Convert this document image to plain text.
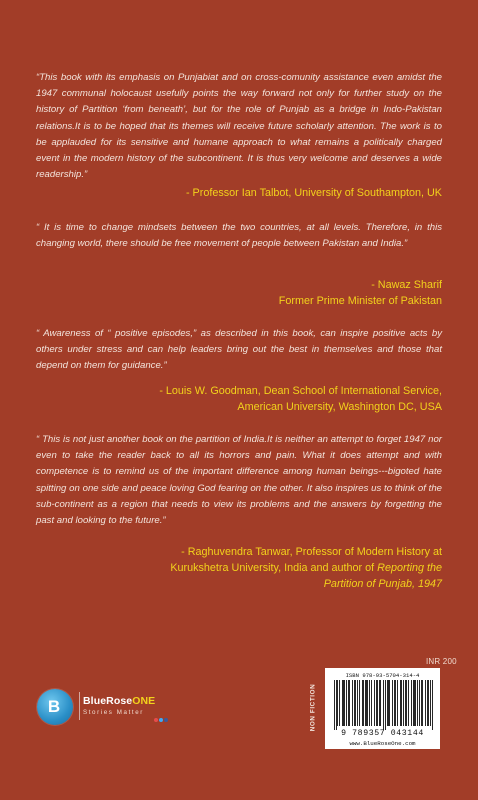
“This book with its emphasis on Punjabiat and on cross-comunity assistance even amidst the 1947 communal holocaust usefully points the way forward not only for further study on the history of Partition ‘from beneath’, but for the role of Punjab as a bridge in Indo-Pakistan relations.It is to be hoped that its themes will receive future scholarly attention. The work is to be applauded for its sensitive and humane approach to what remains a politically charged event in the modern history of the subcontinent. It is thus very welcome and deserves a wide readership.”

- Professor Ian Talbot, University of Southampton, UK

“ It is time to change mindsets between the two countries, at all levels. Therefore, in this changing world, there should be free movement of people between Pakistan and India.”

- Nawaz Sharif

Former Prime Minister of Pakistan

“ Awareness of “ positive episodes,” as described in this book, can inspire positive acts by others under stress and can help leaders bring out the best in themselves and those that depend on them for guidance.”

- Louis W. Goodman, Dean School of International Service,

American University, Washington DC, USA

“ This is not just another book on the partition of India.It is neither an attempt to forget 1947 nor even to take the reader back to all its horrors and pain. What it does attempt and with competence is to remind us of the important difference among human beings---bigoted hate spitting on one side and peace loving God fearing on the other. It also inspires us to think of the sub-continent as a region that needs to view its problems and the answers by forgetting the past and looking to the future.”

- Raghuvendra Tanwar, Professor of Modern History at

Kurukshetra University, India and author of Reporting the

Partition of Punjab, 1947

B BlueRoseONE
Stories Matter
INR 200
NON FICTION
ISBN 978-93-5704-314-4
9 789357 043144
www.BlueRoseOne.com
